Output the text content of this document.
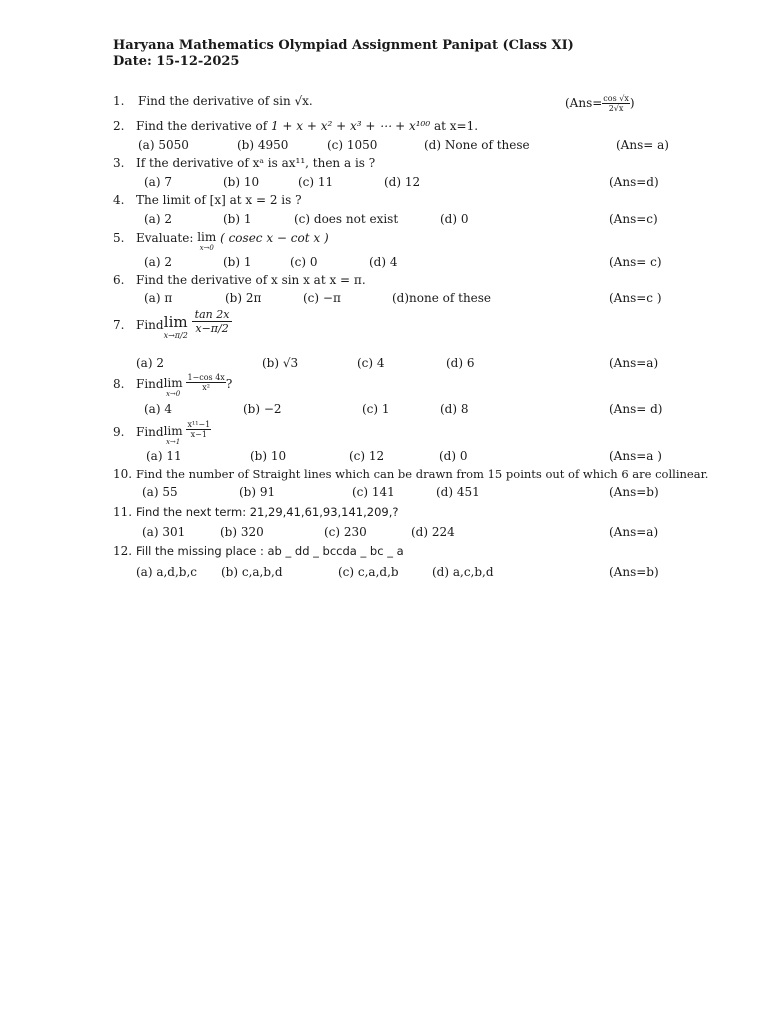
Haryana Mathematics Olympiad Assignment Panipat (Class XI)
Date: 15-12-2025
1. Find the derivative of sin √x.	($Ans= \frac{\cos √x}{2√x}$ )
2. Find the derivative of 1 + x + x² + x³ + ⋯ + x¹⁰⁰ at x=1.
(a) 5050	(b) 4950	(c) 1050	(d) None of these	(Ans= a)
3. If the derivative of xᵃ is ax¹¹, then a is ?
(a) 7	(b) 10	(c) 11	(d) 12	(Ans=d)
4. The limit of [x] at x = 2 is ?
(a) 2	(b) 1	(c) does not exist	(d) 0	(Ans=c)
5. Evaluate: lim
x→0
( cosec x − cot x )
(a) 2	(b) 1	(c) 0	(d) 4	(Ans= c)
6. Find the derivative of x sin x at x = π.
(a) π	(b) 2π	(c) −π	(d)none of these	(Ans=c )
7. Find lim
x→π/2

$\frac{\tan 2x}{x-\pi/2}$
(a) 2	(b) √3	(c) 4	(d) 6	(Ans=a)
8. Find lim
x→0

$\frac{1-\cos 4x}{\text{x²}}$ ?
(a) 4	(b) −2	(c) 1	(d) 8	(Ans= d)
9. Find lim
x→1

$\frac{\text{x¹¹−1}}{x-1}$
(a) 11	(b) 10	(c) 12	(d) 0	(Ans=a )
10. Find the number of Straight lines which can be drawn from 15 points out of which 6 are collinear.
(a) 55	(b) 91	(c) 141	(d) 451	(Ans=b)
11. Find the next term: 21,29,41,61,93,141,209,?
(a) 301	(b) 320	(c) 230	(d) 224	(Ans=a)
12. Fill the missing place : ab _ dd _ bccda _ bc _ a
(a) a,d,b,c (b) c,a,b,d	(c) c,a,d,b	(d) a,c,b,d	(Ans=b)
